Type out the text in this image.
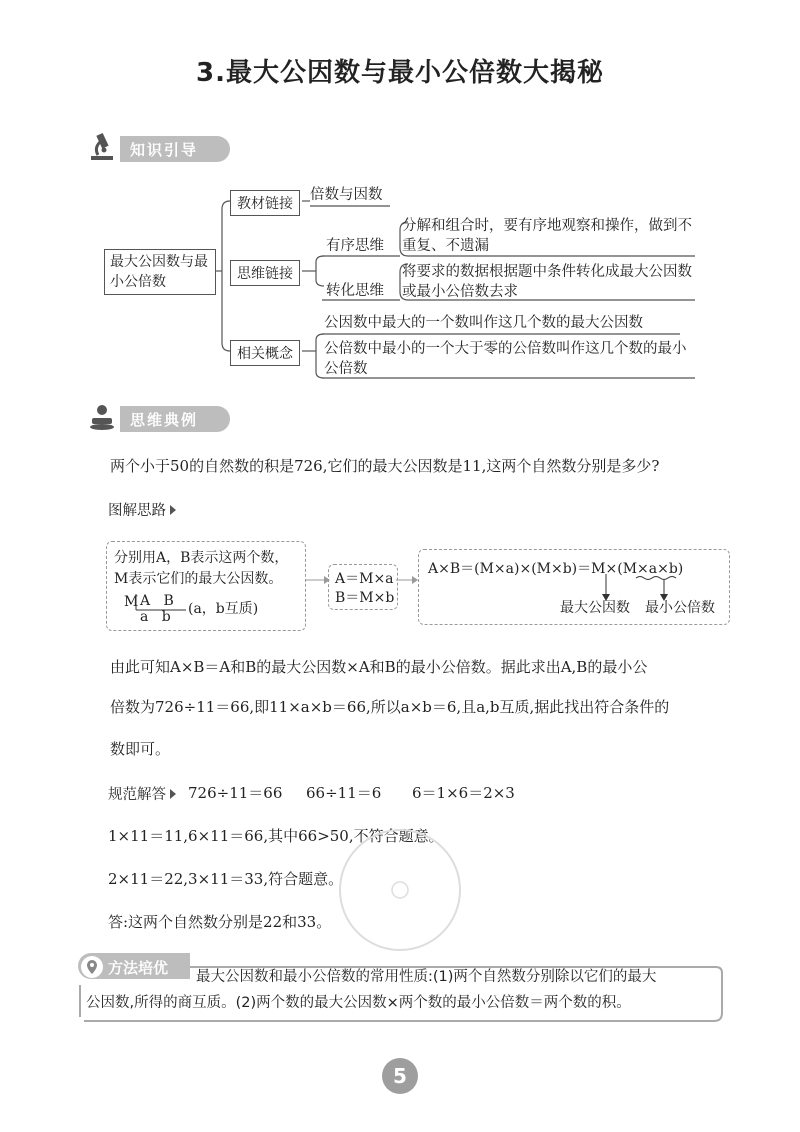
3.最大公因数与最小公倍数大揭秘
知识引导
最大公因数与最小公倍数
教材链接
倍数与因数
思维链接
有序思维
分解和组合时，要有序地观察和操作，做到不重复、不遗漏
转化思维
将要求的数据根据题中条件转化成最大公因数或最小公倍数去求
相关概念
公因数中最大的一个数叫作这几个数的最大公因数
公倍数中最小的一个大于零的公倍数叫作这几个数的最小公倍数
思维典例
两个小于50的自然数的积是726,它们的最大公因数是11,这两个自然数分别是多少?
图解思路
分别用A，B表示这两个数，
M表示它们的最大公因数。
M A   B
a   b (a，b互质)
A＝M×a
B＝M×b
A×B＝(M×a)×(M×b)＝M×(M×a×b)
最大公因数 最小公倍数
由此可知A×B＝A和B的最大公因数×A和B的最小公倍数。据此求出A,B的最小公
倍数为726÷11＝66,即11×a×b＝66,所以a×b＝6,且a,b互质,据此找出符合条件的
数即可。
规范解答 726÷11＝66 66÷11＝6 6＝1×6＝2×3
1×11＝11,6×11＝66,其中66>50,不符合题意。
2×11＝22,3×11＝33,符合题意。
答:这两个自然数分别是22和33。
方法培优 最大公因数和最小公倍数的常用性质:(1)两个自然数分别除以它们的最大
公因数,所得的商互质。(2)两个数的最大公因数×两个数的最小公倍数＝两个数的积。
5
